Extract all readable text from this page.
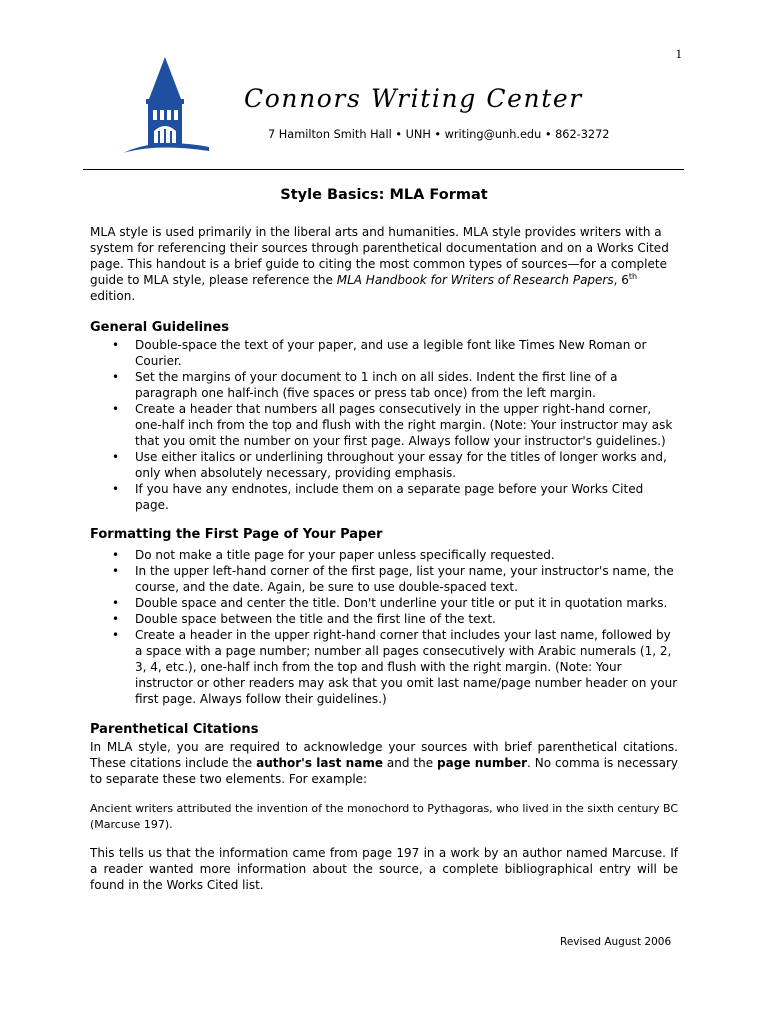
1
Connors Writing Center
7 Hamilton Smith Hall • UNH • writing@unh.edu • 862-3272
Style Basics: MLA Format

MLA style is used primarily in the liberal arts and humanities. MLA style provides writers with a system for referencing their sources through parenthetical documentation and on a Works Cited page. This handout is a brief guide to citing the most common types of sources—for a complete guide to MLA style, please reference the MLA Handbook for Writers of Research Papers, 6th edition.

General Guidelines
• Double-space the text of your paper, and use a legible font like Times New Roman or Courier.
• Set the margins of your document to 1 inch on all sides. Indent the first line of a paragraph one half-inch (five spaces or press tab once) from the left margin.
• Create a header that numbers all pages consecutively in the upper right-hand corner, one-half inch from the top and flush with the right margin. (Note: Your instructor may ask that you omit the number on your first page. Always follow your instructor's guidelines.)
• Use either italics or underlining throughout your essay for the titles of longer works and, only when absolutely necessary, providing emphasis.
• If you have any endnotes, include them on a separate page before your Works Cited page.
Formatting the First Page of Your Paper
• Do not make a title page for your paper unless specifically requested.
• In the upper left-hand corner of the first page, list your name, your instructor's name, the course, and the date. Again, be sure to use double-spaced text.
• Double space and center the title. Don't underline your title or put it in quotation marks.
• Double space between the title and the first line of the text.
• Create a header in the upper right-hand corner that includes your last name, followed by a space with a page number; number all pages consecutively with Arabic numerals (1, 2, 3, 4, etc.), one-half inch from the top and flush with the right margin. (Note: Your instructor or other readers may ask that you omit last name/page number header on your first page. Always follow their guidelines.)
Parenthetical Citations

In MLA style, you are required to acknowledge your sources with brief parenthetical citations. These citations include the author's last name and the page number. No comma is necessary to separate these two elements. For example:

Ancient writers attributed the invention of the monochord to Pythagoras, who lived in the sixth century BC (Marcuse 197).

This tells us that the information came from page 197 in a work by an author named Marcuse. If a reader wanted more information about the source, a complete bibliographical entry will be found in the Works Cited list.

Revised August 2006
